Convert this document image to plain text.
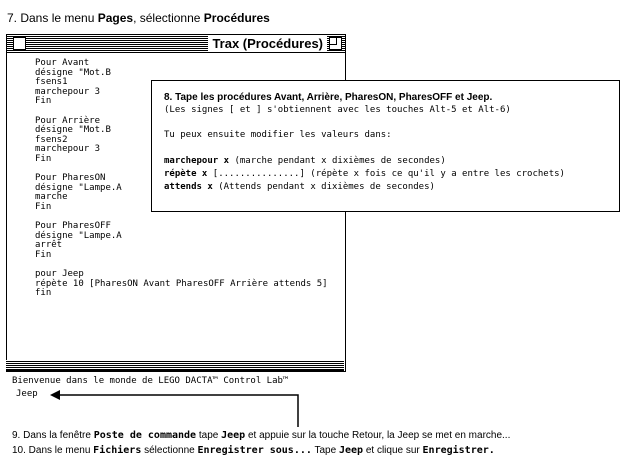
7. Dans le menu Pages, sélectionne Procédures
Trax (Procédures)
Pour Avant
désigne "Mot.B
fsens1
marchepour 3
Fin

Pour Arrière
désigne "Mot.B
fsens2
marchepour 3
Fin

Pour PharesON
désigne "Lampe.A
marche
Fin

Pour PharesOFF
désigne "Lampe.A
arrêt
Fin

pour Jeep
répète 10 [PharesON Avant PharesOFF Arrière attends 5]
fin
Bienvenue dans le monde de LEGO DACTA™ Control Lab™
Jeep
8. Tape les procédures Avant, Arrière, PharesON, PharesOFF et Jeep.
(Les signes [ et ] s'obtiennent avec les touches Alt-5 et Alt-6)
Tu peux ensuite modifier les valeurs dans:
marchepour x (marche pendant x dixièmes de secondes)
répète x [...............] (répète x fois ce qu'il y a entre les crochets)
attends x (Attends pendant x dixièmes de secondes)
9. Dans la fenêtre Poste de commande tape Jeep et appuie sur la touche Retour, la Jeep se met en marche...
10. Dans le menu Fichiers sélectionne Enregistrer sous... Tape Jeep et clique sur Enregistrer.
